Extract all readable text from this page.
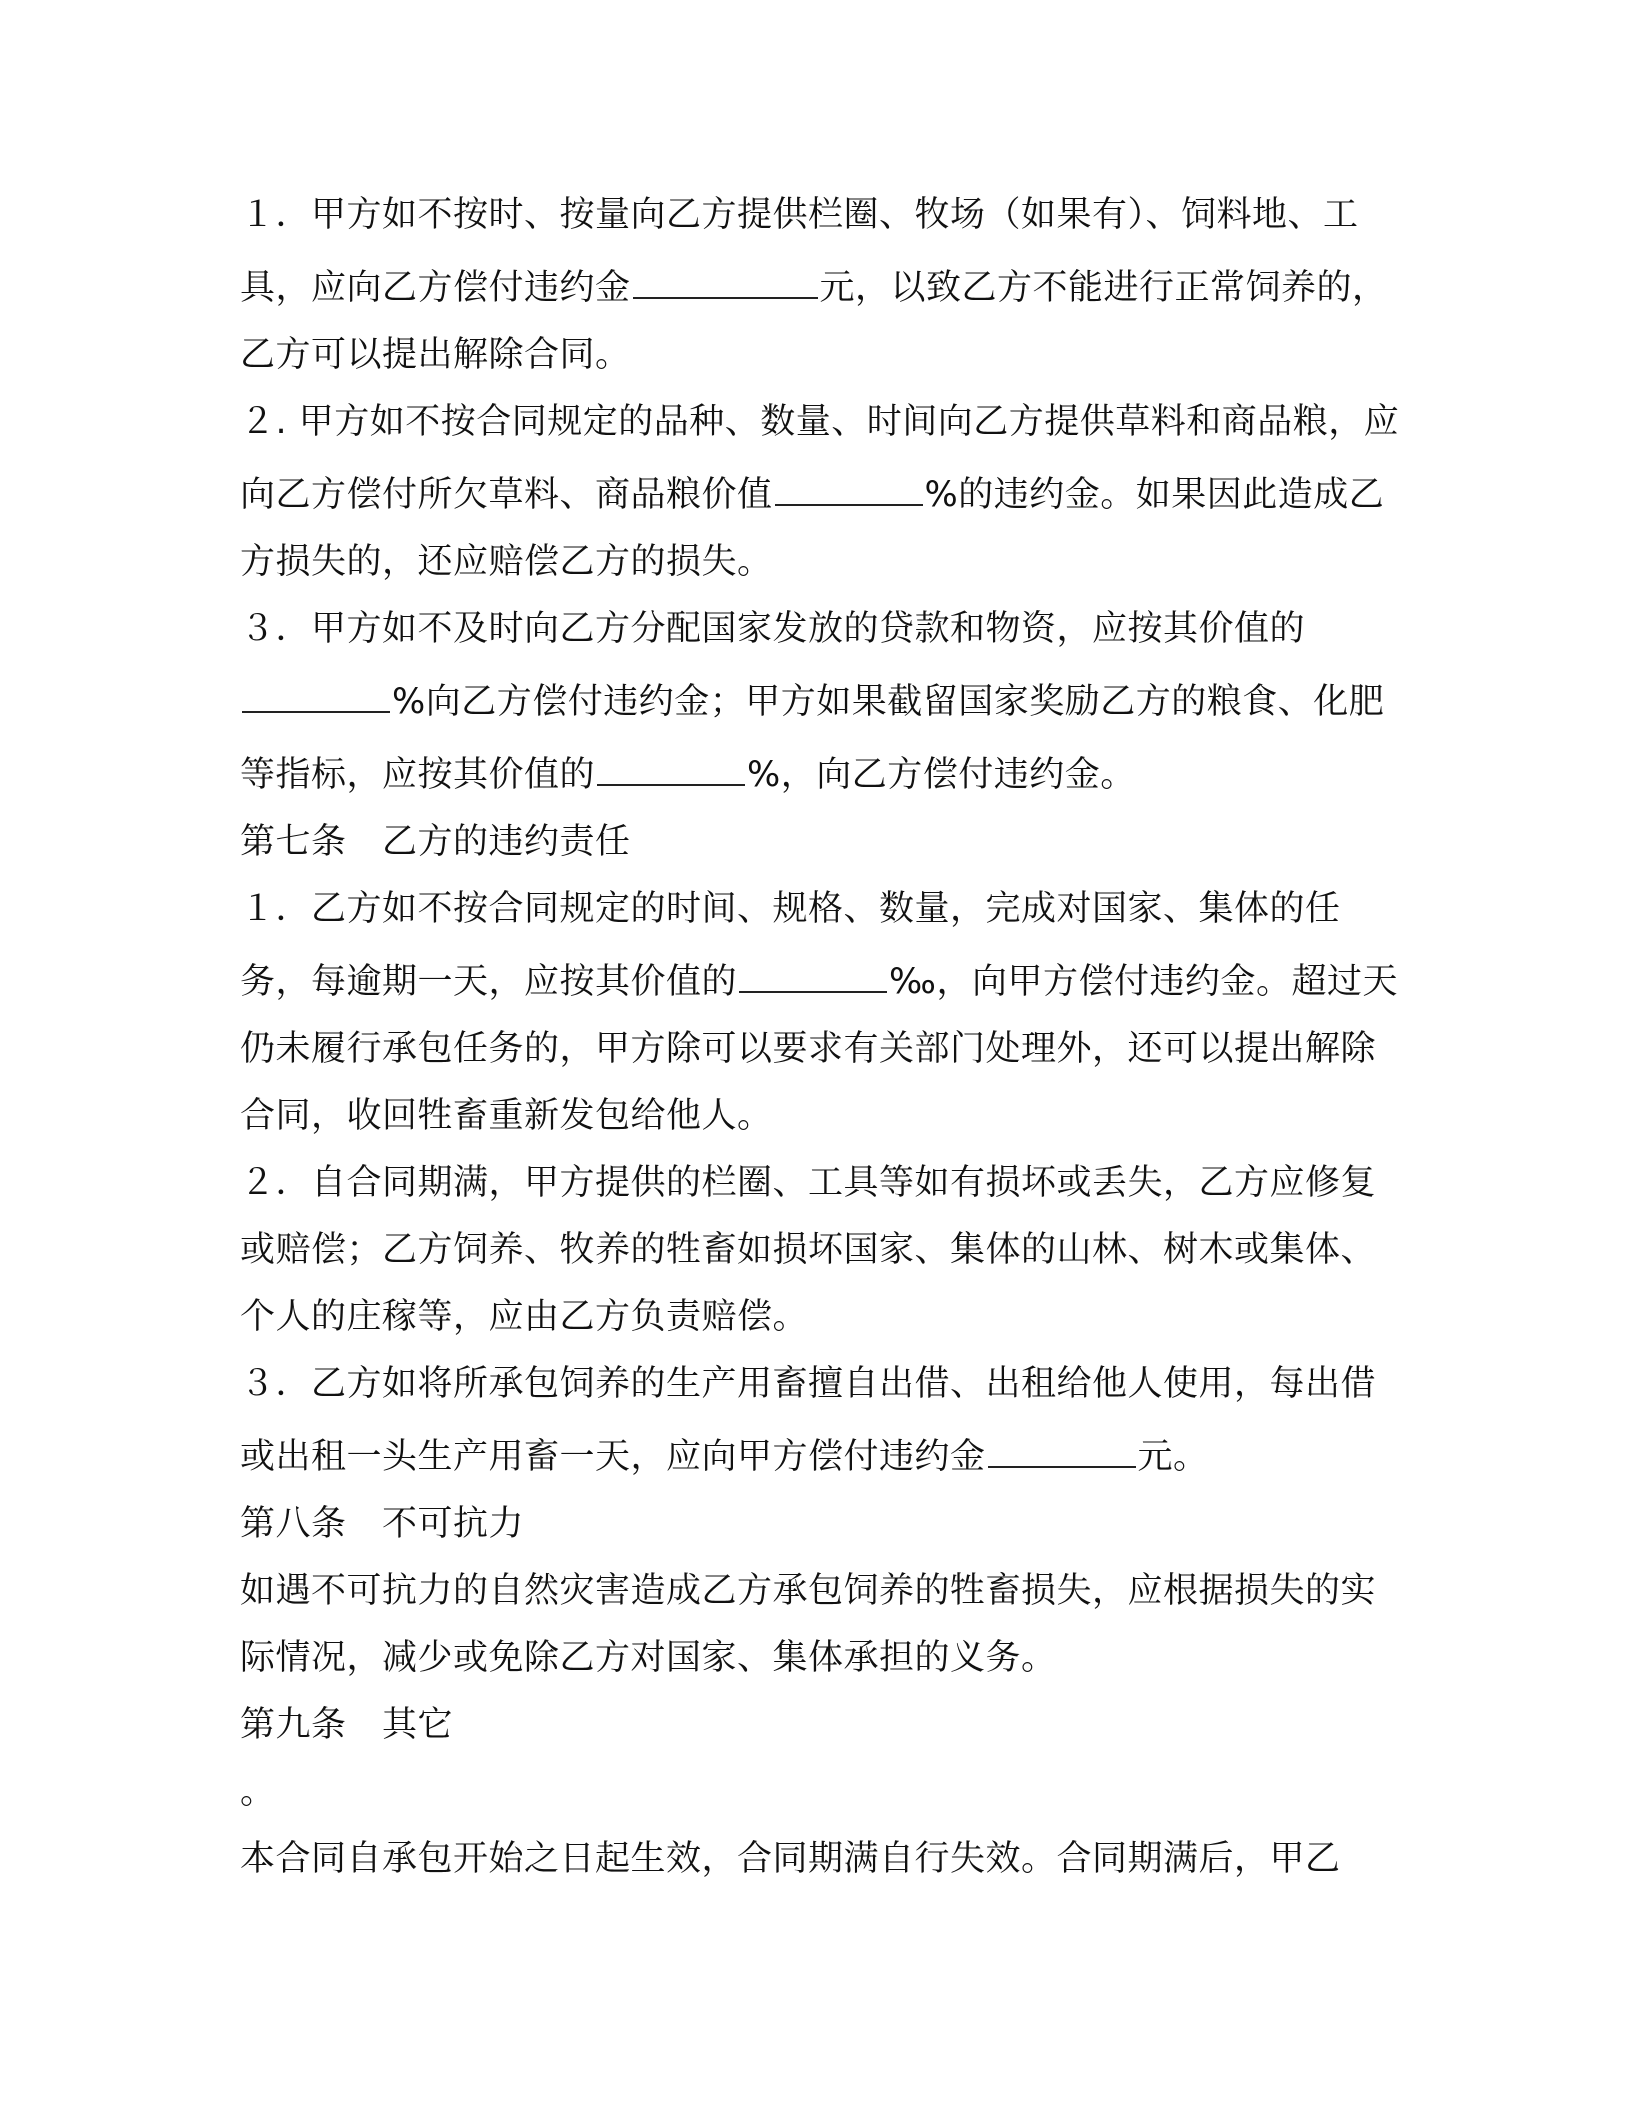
１．甲方如不按时、按量向乙方提供栏圈、牧场（如果有）、饲料地、工具，应向乙方偿付违约金	元，以致乙方不能进行正常饲养的，乙方可以提出解除合同。

２. 甲方如不按合同规定的品种、数量、时间向乙方提供草料和商品粮，应向乙方偿付所欠草料、商品粮价值	%的违约金。如果因此造成乙方损失的，还应赔偿乙方的损失。

３．甲方如不及时向乙方分配国家发放的贷款和物资，应按其价值的%向乙方偿付违约金；甲方如果截留国家奖励乙方的粮食、化肥等指标，应按其价值的	%，向乙方偿付违约金。

第七条　乙方的违约责任

１．乙方如不按合同规定的时间、规格、数量，完成对国家、集体的任务，每逾期一天，应按其价值的	‰，向甲方偿付违约金。超过天仍未履行承包任务的，甲方除可以要求有关部门处理外，还可以提出解除合同，收回牲畜重新发包给他人。

２．自合同期满，甲方提供的栏圈、工具等如有损坏或丢失，乙方应修复或赔偿；乙方饲养、牧养的牲畜如损坏国家、集体的山林、树木或集体、个人的庄稼等，应由乙方负责赔偿。

３．乙方如将所承包饲养的生产用畜擅自出借、出租给他人使用，每出借或出租一头生产用畜一天，应向甲方偿付违约金	元。

第八条　不可抗力

如遇不可抗力的自然灾害造成乙方承包饲养的牲畜损失，应根据损失的实际情况，减少或免除乙方对国家、集体承担的义务。

第九条　其它

。

本合同自承包开始之日起生效，合同期满自行失效。合同期满后，甲乙
